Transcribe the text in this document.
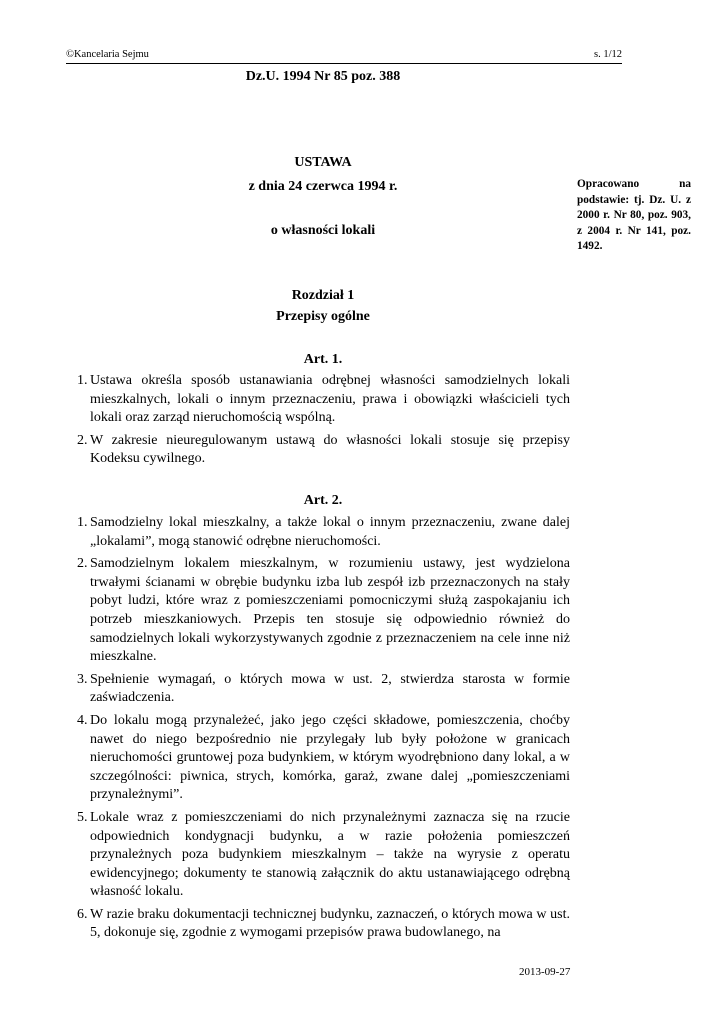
©Kancelaria Sejmu	s. 1/12
Dz.U. 1994 Nr 85 poz. 388
USTAWA
z dnia 24 czerwca 1994 r.
o własności lokali
Opracowano na podstawie: tj. Dz. U. z 2000 r. Nr 80, poz. 903, z 2004 r. Nr 141, poz. 1492.
Rozdział 1
Przepisy ogólne
Art. 1.

1. Ustawa określa sposób ustanawiania odrębnej własności samodzielnych lokali mieszkalnych, lokali o innym przeznaczeniu, prawa i obowiązki właścicieli tych lokali oraz zarząd nieruchomością wspólną.

2. W zakresie nieuregulowanym ustawą do własności lokali stosuje się przepisy Kodeksu cywilnego.

Art. 2.

1. Samodzielny lokal mieszkalny, a także lokal o innym przeznaczeniu, zwane dalej „lokalami”, mogą stanowić odrębne nieruchomości.

2. Samodzielnym lokalem mieszkalnym, w rozumieniu ustawy, jest wydzielona trwałymi ścianami w obrębie budynku izba lub zespół izb przeznaczonych na stały pobyt ludzi, które wraz z pomieszczeniami pomocniczymi służą zaspokajaniu ich potrzeb mieszkaniowych. Przepis ten stosuje się odpowiednio również do samodzielnych lokali wykorzystywanych zgodnie z przeznaczeniem na cele inne niż mieszkalne.

3. Spełnienie wymagań, o których mowa w ust. 2, stwierdza starosta w formie zaświadczenia.

4. Do lokalu mogą przynależeć, jako jego części składowe, pomieszczenia, choćby nawet do niego bezpośrednio nie przylegały lub były położone w granicach nieruchomości gruntowej poza budynkiem, w którym wyodrębniono dany lokal, a w szczególności: piwnica, strych, komórka, garaż, zwane dalej „pomieszczeniami przynależnymi”.

5. Lokale wraz z pomieszczeniami do nich przynależnymi zaznacza się na rzucie odpowiednich kondygnacji budynku, a w razie położenia pomieszczeń przynależnych poza budynkiem mieszkalnym – także na wyrysie z operatu ewidencyjnego; dokumenty te stanowią załącznik do aktu ustanawiającego odrębną własność lokalu.

6. W razie braku dokumentacji technicznej budynku, zaznaczeń, o których mowa w ust. 5, dokonuje się, zgodnie z wymogami przepisów prawa budowlanego, na

2013-09-27
